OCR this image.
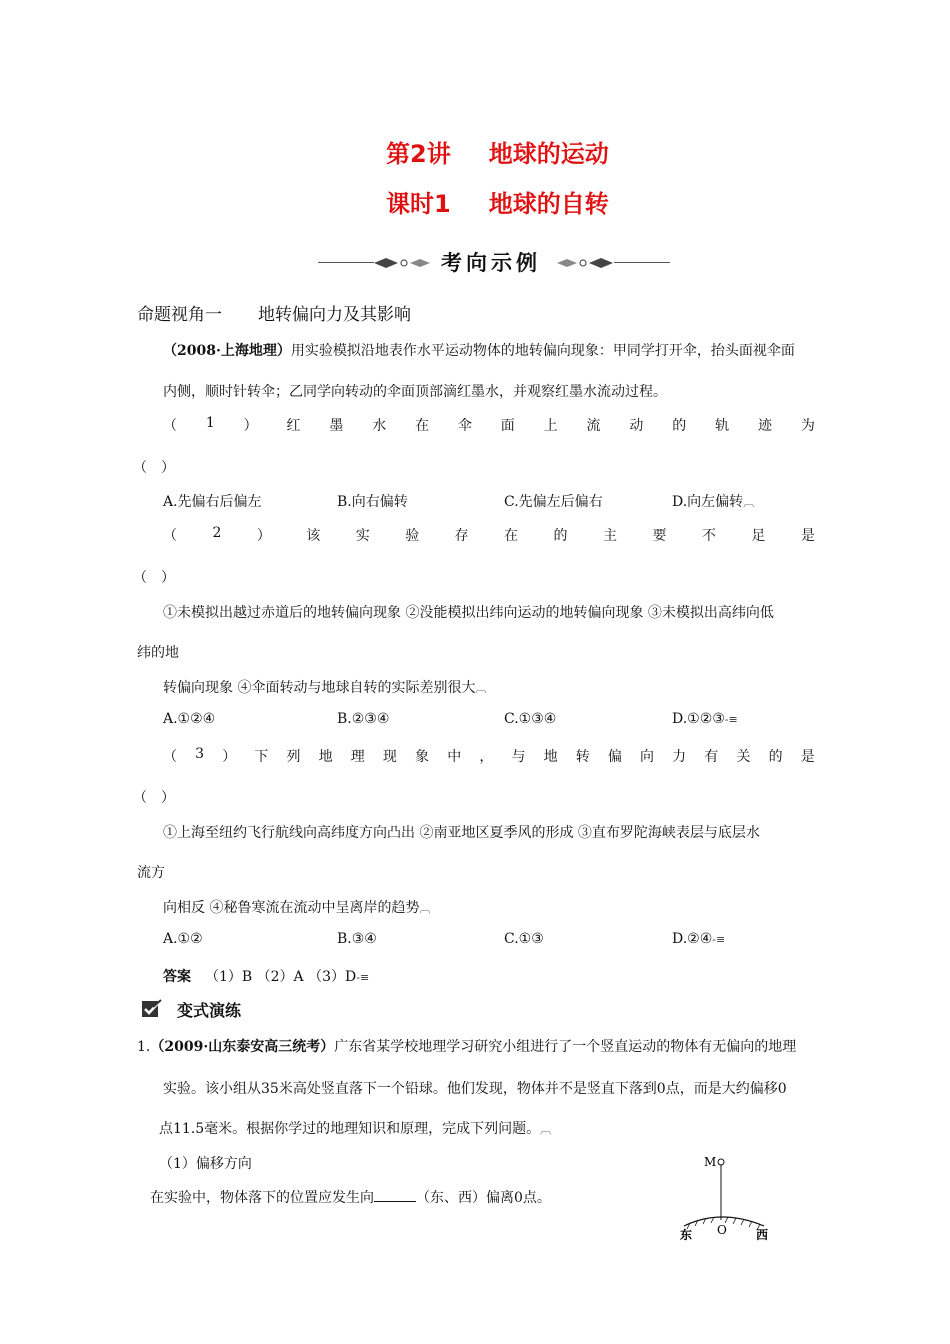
第2讲 地球的运动
课时1 地球的自转
考向示例
命题视角一 地转偏向力及其影响
（2008·上海地理）用实验模拟沿地表作水平运动物体的地转偏向现象：甲同学打开伞，抬头面视伞面
内侧，顺时针转伞；乙同学向转动的伞面顶部滴红墨水，并观察红墨水流动过程。
（ 1 ） 红 墨 水 在 伞 面 上 流 动 的 轨 迹 为
（　）
A.先偏右后偏左	B.向右偏转	C.先偏左后偏右	D.向左偏转︹
（	2	）	该	实	验	存	在	的	主	要	不	足	是
（　）
①未模拟出越过赤道后的地转偏向现象 ②没能模拟出纬向运动的地转偏向现象 ③未模拟出高纬向低
纬的地
转偏向现象 ④伞面转动与地球自转的实际差别很大︹
A.①②④	B.②③④	C.①③④	D.①②③-≡
（ 3 ） 下 列 地 理 现 象 中 ， 与 地 转 偏 向 力 有 关 的 是
（　）
①上海至纽约飞行航线向高纬度方向凸出 ②南亚地区夏季风的形成 ③直布罗陀海峡表层与底层水
流方
向相反 ④秘鲁寒流在流动中呈离岸的趋势︹
A.①②	B.③④	C.①③	D.②④-≡
答案 （1）B （2）A （3）D-≡
变式演练
1.（2009·山东泰安高三统考）广东省某学校地理学习研究小组进行了一个竖直运动的物体有无偏向的地理
实验。该小组从35米高处竖直落下一个铅球。他们发现，物体并不是竖直下落到0点，而是大约偏移0
点11.5毫米。根据你学过的地理知识和原理，完成下列问题。︹
（1）偏移方向
在实验中，物体落下的位置应发生向	（东、西）偏离0点。
M
O
东	西
